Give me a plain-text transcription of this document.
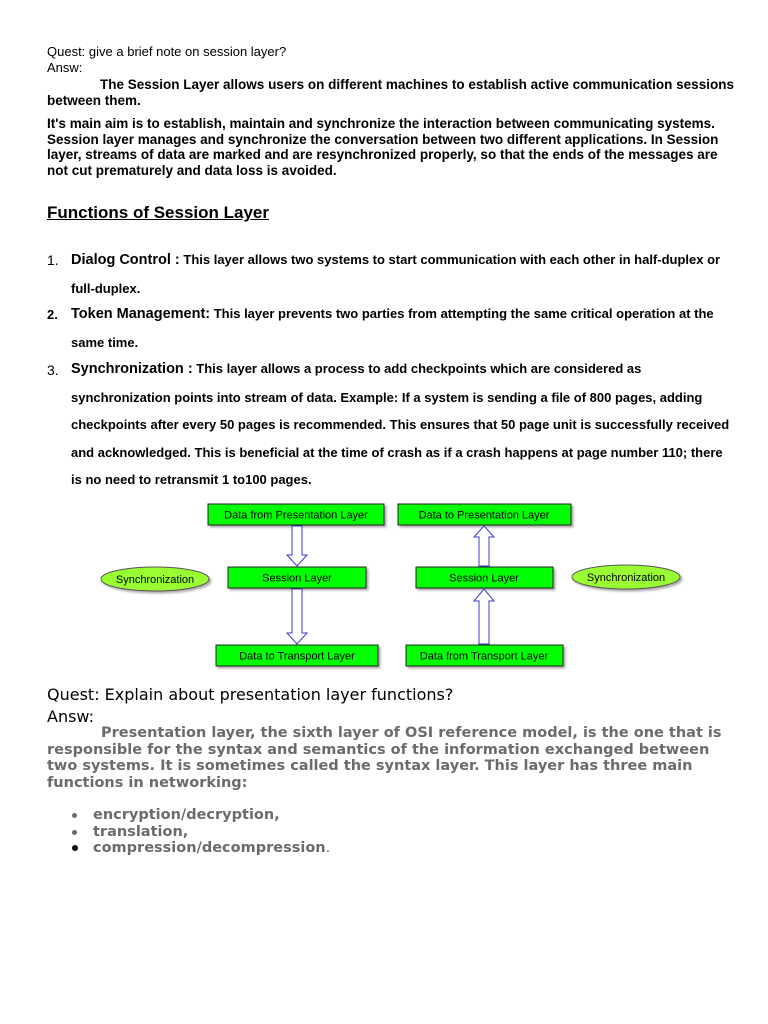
Quest: give a brief note on session layer?
Answ:

The Session Layer allows users on different machines to establish active communication sessions between them.

It's main aim is to establish, maintain and synchronize the interaction between communicating systems. Session layer manages and synchronize the conversation between two different applications. In Session layer, streams of data are marked and are resynchronized properly, so that the ends of the messages are not cut prematurely and data loss is avoided.

Functions of Session Layer
1. Dialog Control : This layer allows two systems to start communication with each other in half-duplex or full-duplex.

2. Token Management: This layer prevents two parties from attempting the same critical operation at the same time.

3. Synchronization : This layer allows a process to add checkpoints which are considered as synchronization points into stream of data. Example: If a system is sending a file of 800 pages, adding checkpoints after every 50 pages is recommended. This ensures that 50 page unit is successfully received and acknowledged. This is beneficial at the time of crash as if a crash happens at page number 110; there is no need to retransmit 1 to100 pages.

Data from Presentation Layer
Session Layer
Data to Transport Layer
Synchronization
Data to Presentation Layer
Session Layer
Data from Transport Layer
Synchronization
Quest: Explain about presentation layer functions?
Answ:

Presentation layer, the sixth layer of OSI reference model, is the one that is responsible for the syntax and semantics of the information exchanged between two systems. It is sometimes called the syntax layer. This layer has three main functions in networking:

encryption/decryption,
translation,
compression/decompression.
